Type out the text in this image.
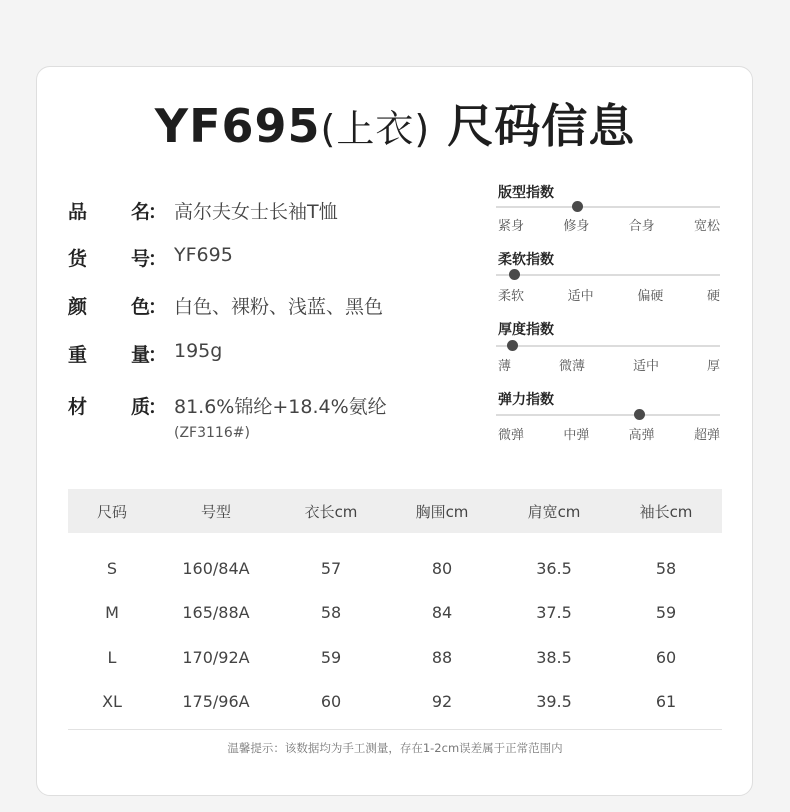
YF695(上衣) 尺码信息
品 名
： 高尔夫女士长袖T恤
货 号
： YF695
颜 色
： 白色、裸粉、浅蓝、黑色
重 量
： 195g
材 质
： 81.6%锦纶+18.4%氨纶
(ZF3116#)
版型指数
紧身	修身	合身	宽松
柔软指数
柔软	适中	偏硬	硬
厚度指数
薄	微薄	适中	厚
弹力指数
微弹	中弹	高弹	超弹
尺码	号型	衣长cm	胸围cm	肩宽cm	袖长cm
S	160/84A	57	80	36.5	58
M	165/88A	58	84	37.5	59
L	170/92A	59	88	38.5	60
XL	175/96A	60	92	39.5	61
温馨提示：该数据均为手工测量，存在1-2cm误差属于正常范围内
